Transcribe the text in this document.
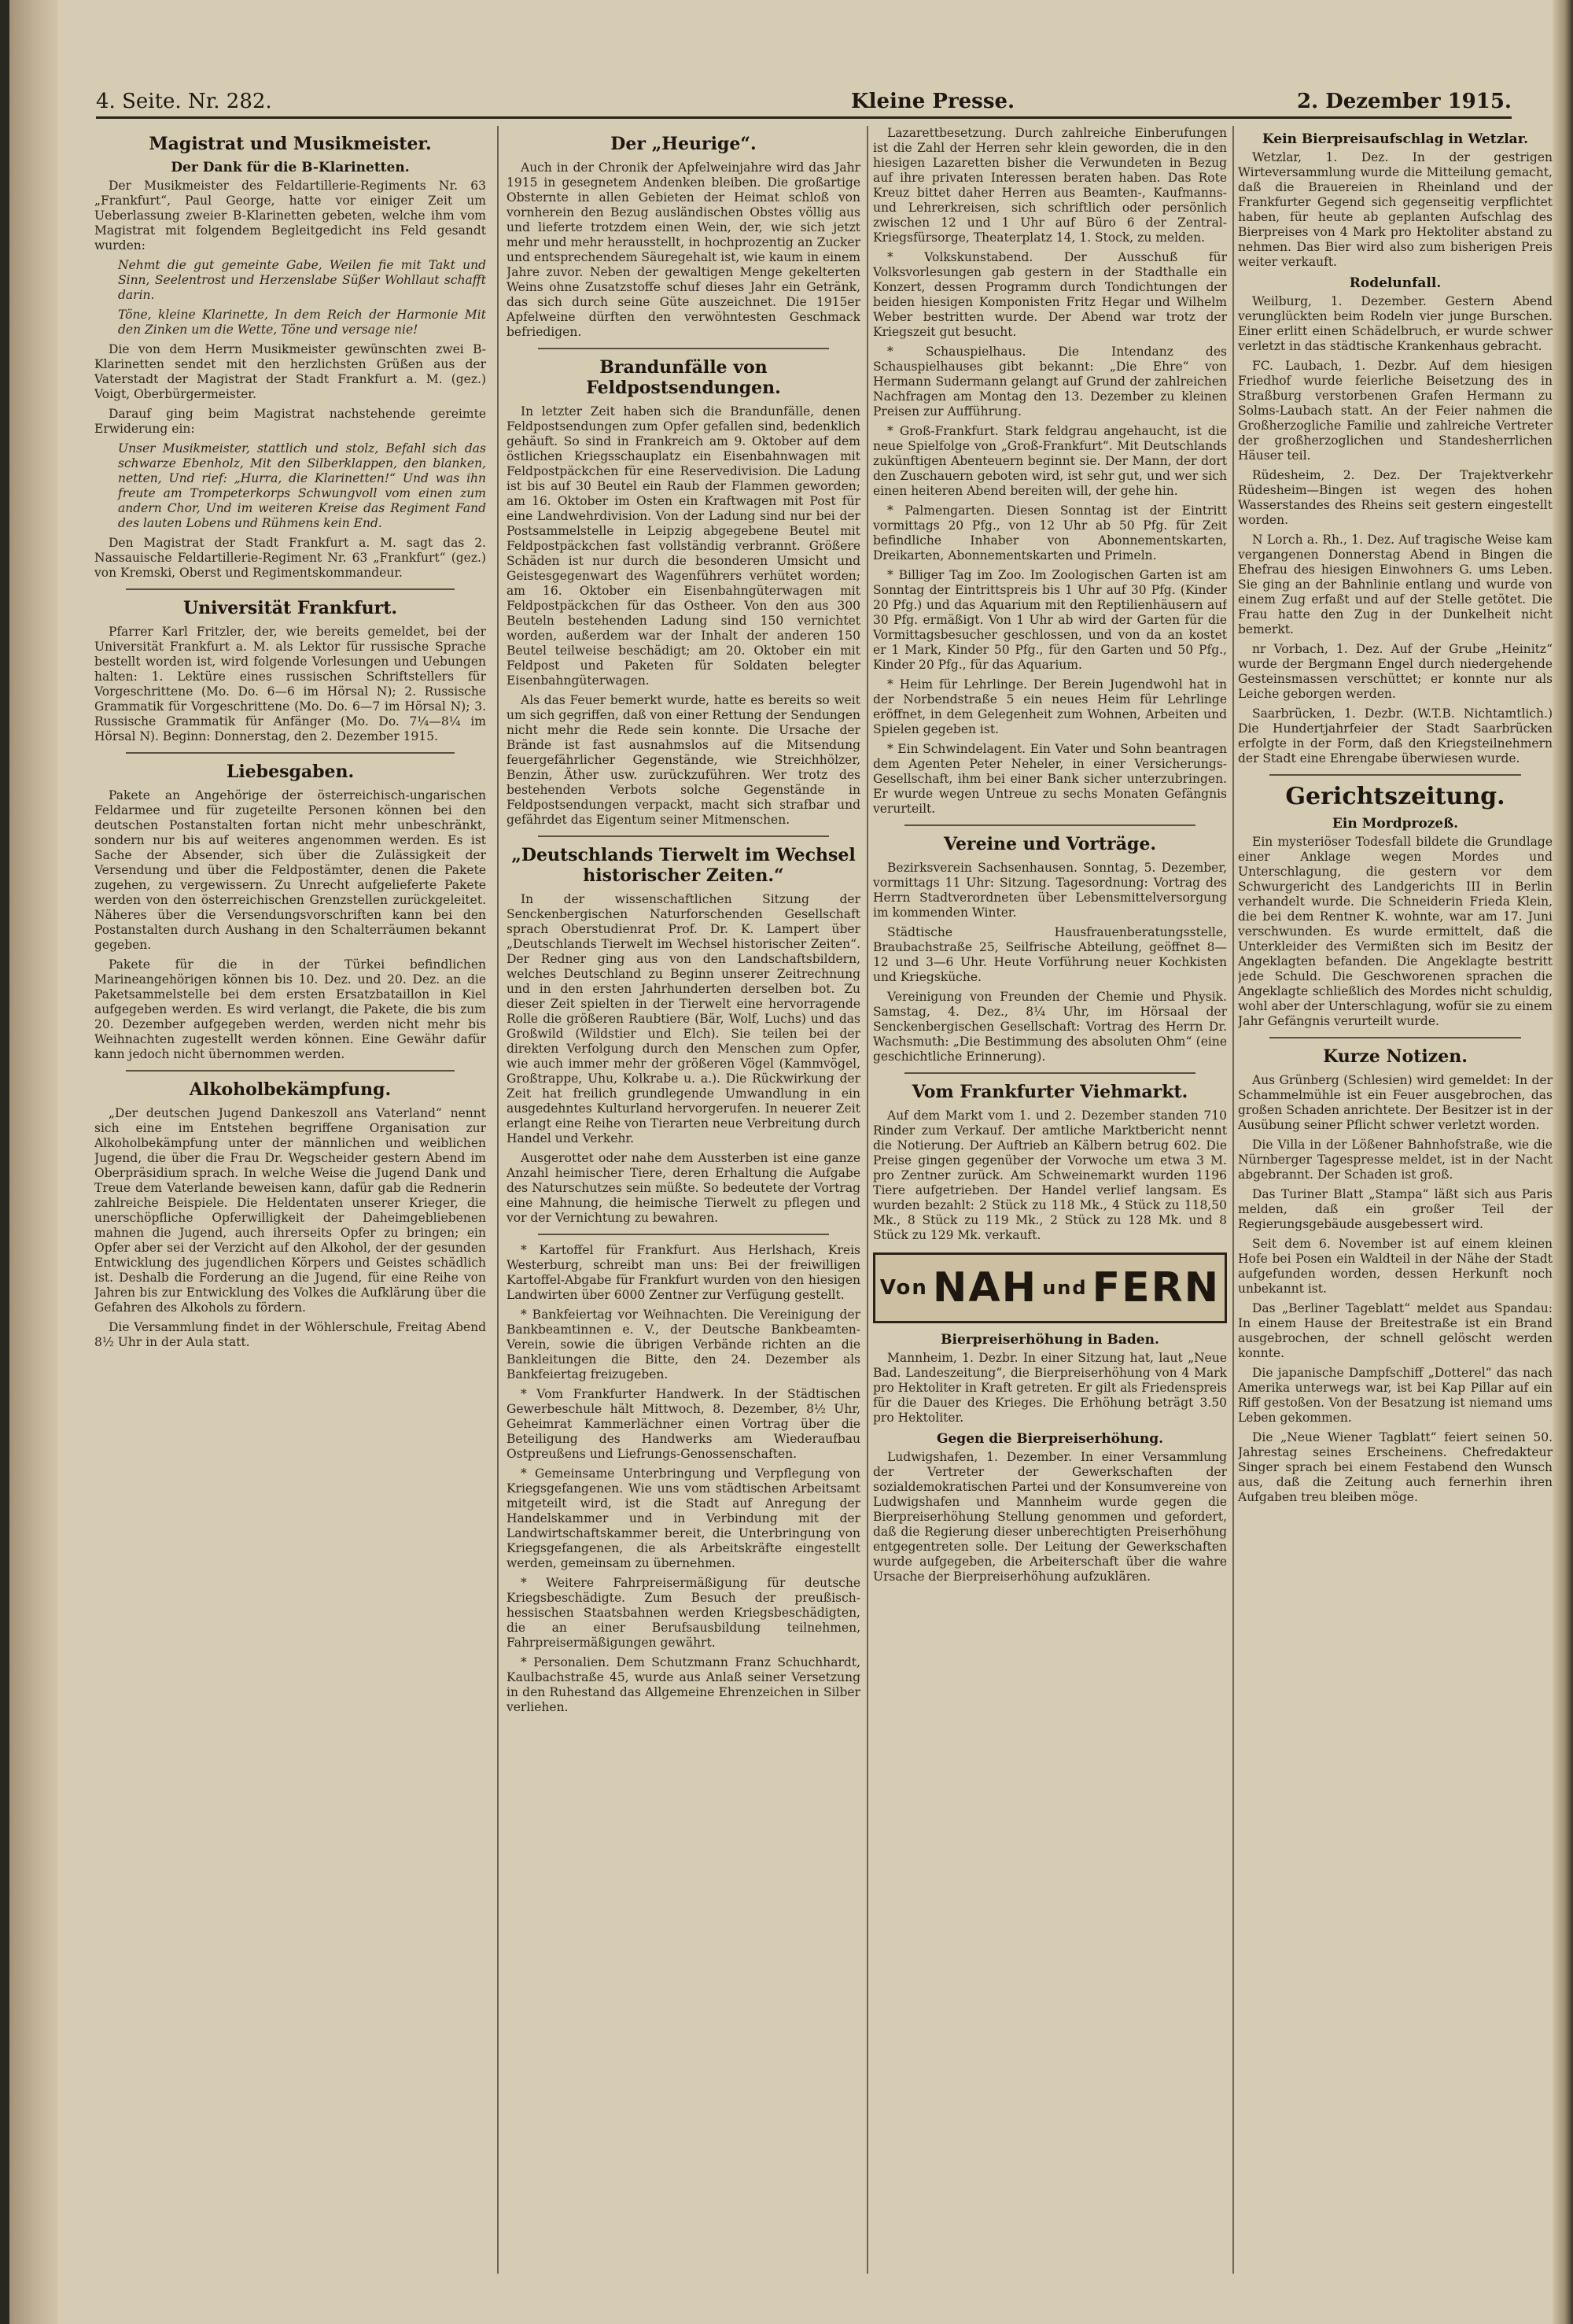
4. Seite. Nr. 282.	Kleine Presse.	2. Dezember 1915.
Magistrat und Musikmeister.
Der Dank für die B-Klarinetten.

Der Musikmeister des Feldartillerie-Regiments Nr. 63 „Frankfurt“, Paul George, hatte vor einiger Zeit um Ueberlassung zweier B-Klarinetten gebeten, welche ihm vom Magistrat mit folgendem Begleitgedicht ins Feld gesandt wurden:

Nehmt die gut gemeinte Gabe, Weilen fie mit Takt und Sinn, Seelentrost und Herzenslabe Süßer Wohllaut schafft darin.

Töne, kleine Klarinette, In dem Reich der Harmonie Mit den Zinken um die Wette, Töne und versage nie!

Die von dem Herrn Musikmeister gewünschten zwei B-Klarinetten sendet mit den herzlichsten Grüßen aus der Vaterstadt der Magistrat der Stadt Frankfurt a. M. (gez.) Voigt, Oberbürgermeister.

Darauf ging beim Magistrat nachstehende gereimte Erwiderung ein:

Unser Musikmeister, stattlich und stolz, Befahl sich das schwarze Ebenholz, Mit den Silberklappen, den blanken, netten, Und rief: „Hurra, die Klarinetten!“ Und was ihn freute am Trompeterkorps Schwungvoll vom einen zum andern Chor, Und im weiteren Kreise das Regiment Fand des lauten Lobens und Rühmens kein End.

Den Magistrat der Stadt Frankfurt a. M. sagt das 2. Nassauische Feldartillerie-Regiment Nr. 63 „Frankfurt“ (gez.) von Kremski, Oberst und Regimentskommandeur.

Universität Frankfurt.

Pfarrer Karl Fritzler, der, wie bereits gemeldet, bei der Universität Frankfurt a. M. als Lektor für russische Sprache bestellt worden ist, wird folgende Vorlesungen und Uebungen halten: 1. Lektüre eines russischen Schriftstellers für Vorgeschrittene (Mo. Do. 6—6 im Hörsal N); 2. Russische Grammatik für Vorgeschrittene (Mo. Do. 6—7 im Hörsal N); 3. Russische Grammatik für Anfänger (Mo. Do. 7¼—8¼ im Hörsal N). Beginn: Donnerstag, den 2. Dezember 1915.

Liebesgaben.

Pakete an Angehörige der österreichisch-ungarischen Feldarmee und für zugeteilte Personen können bei den deutschen Postanstalten fortan nicht mehr unbeschränkt, sondern nur bis auf weiteres angenommen werden. Es ist Sache der Absender, sich über die Zulässigkeit der Versendung und über die Feldpostämter, denen die Pakete zugehen, zu vergewissern. Zu Unrecht aufgelieferte Pakete werden von den österreichischen Grenzstellen zurückgeleitet. Näheres über die Versendungsvorschriften kann bei den Postanstalten durch Aushang in den Schalterräumen bekannt gegeben.

Pakete für die in der Türkei befindlichen Marineangehörigen können bis 10. Dez. und 20. Dez. an die Paketsammelstelle bei dem ersten Ersatzbataillon in Kiel aufgegeben werden. Es wird verlangt, die Pakete, die bis zum 20. Dezember aufgegeben werden, werden nicht mehr bis Weihnachten zugestellt werden können. Eine Gewähr dafür kann jedoch nicht übernommen werden.

Alkoholbekämpfung.

„Der deutschen Jugend Dankeszoll ans Vaterland“ nennt sich eine im Entstehen begriffene Organisation zur Alkoholbekämpfung unter der männlichen und weiblichen Jugend, die über die Frau Dr. Wegscheider gestern Abend im Oberpräsidium sprach. In welche Weise die Jugend Dank und Treue dem Vaterlande beweisen kann, dafür gab die Rednerin zahlreiche Beispiele. Die Heldentaten unserer Krieger, die unerschöpfliche Opferwilligkeit der Daheimgebliebenen mahnen die Jugend, auch ihrerseits Opfer zu bringen; ein Opfer aber sei der Verzicht auf den Alkohol, der der gesunden Entwicklung des jugendlichen Körpers und Geistes schädlich ist. Deshalb die Forderung an die Jugend, für eine Reihe von Jahren bis zur Entwicklung des Volkes die Aufklärung über die Gefahren des Alkohols zu fördern.

Die Versammlung findet in der Wöhlerschule, Freitag Abend 8½ Uhr in der Aula statt.

Der „Heurige“.

Auch in der Chronik der Apfelweinjahre wird das Jahr 1915 in gesegnetem Andenken bleiben. Die großartige Obsternte in allen Gebieten der Heimat schloß von vornherein den Bezug ausländischen Obstes völlig aus und lieferte trotzdem einen Wein, der, wie sich jetzt mehr und mehr herausstellt, in hochprozentig an Zucker und entsprechendem Säuregehalt ist, wie kaum in einem Jahre zuvor. Neben der gewaltigen Menge gekelterten Weins ohne Zusatzstoffe schuf dieses Jahr ein Getränk, das sich durch seine Güte auszeichnet. Die 1915er Apfelweine dürften den verwöhntesten Geschmack befriedigen.

Brandunfälle von Feldpostsendungen.

In letzter Zeit haben sich die Brandunfälle, denen Feldpostsendungen zum Opfer gefallen sind, bedenklich gehäuft. So sind in Frankreich am 9. Oktober auf dem östlichen Kriegsschauplatz ein Eisenbahnwagen mit Feldpostpäckchen für eine Reservedivision. Die Ladung ist bis auf 30 Beutel ein Raub der Flammen geworden; am 16. Oktober im Osten ein Kraftwagen mit Post für eine Landwehrdivision. Von der Ladung sind nur bei der Postsammelstelle in Leipzig abgegebene Beutel mit Feldpostpäckchen fast vollständig verbrannt. Größere Schäden ist nur durch die besonderen Umsicht und Geistesgegenwart des Wagenführers verhütet worden; am 16. Oktober ein Eisenbahngüterwagen mit Feldpostpäckchen für das Ostheer. Von den aus 300 Beuteln bestehenden Ladung sind 150 vernichtet worden, außerdem war der Inhalt der anderen 150 Beutel teilweise beschädigt; am 20. Oktober ein mit Feldpost und Paketen für Soldaten belegter Eisenbahngüterwagen.

Als das Feuer bemerkt wurde, hatte es bereits so weit um sich gegriffen, daß von einer Rettung der Sendungen nicht mehr die Rede sein konnte. Die Ursache der Brände ist fast ausnahmslos auf die Mitsendung feuergefährlicher Gegenstände, wie Streichhölzer, Benzin, Äther usw. zurückzuführen. Wer trotz des bestehenden Verbots solche Gegenstände in Feldpostsendungen verpackt, macht sich strafbar und gefährdet das Eigentum seiner Mitmenschen.

„Deutschlands Tierwelt im Wechsel historischer Zeiten.“

In der wissenschaftlichen Sitzung der Senckenbergischen Naturforschenden Gesellschaft sprach Oberstudienrat Prof. Dr. K. Lampert über „Deutschlands Tierwelt im Wechsel historischer Zeiten“. Der Redner ging aus von den Landschaftsbildern, welches Deutschland zu Beginn unserer Zeitrechnung und in den ersten Jahrhunderten derselben bot. Zu dieser Zeit spielten in der Tierwelt eine hervorragende Rolle die größeren Raubtiere (Bär, Wolf, Luchs) und das Großwild (Wildstier und Elch). Sie teilen bei der direkten Verfolgung durch den Menschen zum Opfer, wie auch immer mehr der größeren Vögel (Kammvögel, Großtrappe, Uhu, Kolkrabe u. a.). Die Rückwirkung der Zeit hat freilich grundlegende Umwandlung in ein ausgedehntes Kulturland hervorgerufen. In neuerer Zeit erlangt eine Reihe von Tierarten neue Verbreitung durch Handel und Verkehr.

Ausgerottet oder nahe dem Aussterben ist eine ganze Anzahl heimischer Tiere, deren Erhaltung die Aufgabe des Naturschutzes sein müßte. So bedeutete der Vortrag eine Mahnung, die heimische Tierwelt zu pflegen und vor der Vernichtung zu bewahren.

* Kartoffel für Frankfurt. Aus Herlshach, Kreis Westerburg, schreibt man uns: Bei der freiwilligen Kartoffel-Abgabe für Frankfurt wurden von den hiesigen Landwirten über 6000 Zentner zur Verfügung gestellt.

* Bankfeiertag vor Weihnachten. Die Vereinigung der Bankbeamtinnen e. V., der Deutsche Bankbeamten-Verein, sowie die übrigen Verbände richten an die Bankleitungen die Bitte, den 24. Dezember als Bankfeiertag freizugeben.

* Vom Frankfurter Handwerk. In der Städtischen Gewerbeschule hält Mittwoch, 8. Dezember, 8½ Uhr, Geheimrat Kammerlächner einen Vortrag über die Beteiligung des Handwerks am Wiederaufbau Ostpreußens und Liefrungs-Genossenschaften.

* Gemeinsame Unterbringung und Verpflegung von Kriegsgefangenen. Wie uns vom städtischen Arbeitsamt mitgeteilt wird, ist die Stadt auf Anregung der Handelskammer und in Verbindung mit der Landwirtschaftskammer bereit, die Unterbringung von Kriegsgefangenen, die als Arbeitskräfte eingestellt werden, gemeinsam zu übernehmen.

* Weitere Fahrpreisermäßigung für deutsche Kriegsbeschädigte. Zum Besuch der preußisch-hessischen Staatsbahnen werden Kriegsbeschädigten, die an einer Berufsausbildung teilnehmen, Fahrpreisermäßigungen gewährt.

* Personalien. Dem Schutzmann Franz Schuchhardt, Kaulbachstraße 45, wurde aus Anlaß seiner Versetzung in den Ruhestand das Allgemeine Ehrenzeichen in Silber verliehen.

Lazarettbesetzung. Durch zahlreiche Einberufungen ist die Zahl der Herren sehr klein geworden, die in den hiesigen Lazaretten bisher die Verwundeten in Bezug auf ihre privaten Interessen beraten haben. Das Rote Kreuz bittet daher Herren aus Beamten-, Kaufmanns- und Lehrerkreisen, sich schriftlich oder persönlich zwischen 12 und 1 Uhr auf Büro 6 der Zentral-Kriegsfürsorge, Theaterplatz 14, 1. Stock, zu melden.

* Volkskunstabend. Der Ausschuß für Volksvorlesungen gab gestern in der Stadthalle ein Konzert, dessen Programm durch Tondichtungen der beiden hiesigen Komponisten Fritz Hegar und Wilhelm Weber bestritten wurde. Der Abend war trotz der Kriegszeit gut besucht.

* Schauspielhaus. Die Intendanz des Schauspielhauses gibt bekannt: „Die Ehre“ von Hermann Sudermann gelangt auf Grund der zahlreichen Nachfragen am Montag den 13. Dezember zu kleinen Preisen zur Aufführung.

* Groß-Frankfurt. Stark feldgrau angehaucht, ist die neue Spielfolge von „Groß-Frankfurt“. Mit Deutschlands zukünftigen Abenteuern beginnt sie. Der Mann, der dort den Zuschauern geboten wird, ist sehr gut, und wer sich einen heiteren Abend bereiten will, der gehe hin.

* Palmengarten. Diesen Sonntag ist der Eintritt vormittags 20 Pfg., von 12 Uhr ab 50 Pfg. für Zeit befindliche Inhaber von Abonnementskarten, Dreikarten, Abonnementskarten und Primeln.

* Billiger Tag im Zoo. Im Zoologischen Garten ist am Sonntag der Eintrittspreis bis 1 Uhr auf 30 Pfg. (Kinder 20 Pfg.) und das Aquarium mit den Reptilienhäusern auf 30 Pfg. ermäßigt. Von 1 Uhr ab wird der Garten für die Vormittagsbesucher geschlossen, und von da an kostet er 1 Mark, Kinder 50 Pfg., für den Garten und 50 Pfg., Kinder 20 Pfg., für das Aquarium.

* Heim für Lehrlinge. Der Berein Jugendwohl hat in der Norbendstraße 5 ein neues Heim für Lehrlinge eröffnet, in dem Gelegenheit zum Wohnen, Arbeiten und Spielen gegeben ist.

* Ein Schwindelagent. Ein Vater und Sohn beantragen dem Agenten Peter Neheler, in einer Versicherungs-Gesellschaft, ihm bei einer Bank sicher unterzubringen. Er wurde wegen Untreue zu sechs Monaten Gefängnis verurteilt.

Vereine und Vorträge.

Bezirksverein Sachsenhausen. Sonntag, 5. Dezember, vormittags 11 Uhr: Sitzung. Tagesordnung: Vortrag des Herrn Stadtverordneten über Lebensmittelversorgung im kommenden Winter.

Städtische Hausfrauenberatungsstelle, Braubachstraße 25, Seilfrische Abteilung, geöffnet 8—12 und 3—6 Uhr. Heute Vorführung neuer Kochkisten und Kriegsküche.

Vereinigung von Freunden der Chemie und Physik. Samstag, 4. Dez., 8¼ Uhr, im Hörsaal der Senckenbergischen Gesellschaft: Vortrag des Herrn Dr. Wachsmuth: „Die Bestimmung des absoluten Ohm“ (eine geschichtliche Erinnerung).

Vom Frankfurter Viehmarkt.

Auf dem Markt vom 1. und 2. Dezember standen 710 Rinder zum Verkauf. Der amtliche Marktbericht nennt die Notierung. Der Auftrieb an Kälbern betrug 602. Die Preise gingen gegenüber der Vorwoche um etwa 3 M. pro Zentner zurück. Am Schweinemarkt wurden 1196 Tiere aufgetrieben. Der Handel verlief langsam. Es wurden bezahlt: 2 Stück zu 118 Mk., 4 Stück zu 118,50 Mk., 8 Stück zu 119 Mk., 2 Stück zu 128 Mk. und 8 Stück zu 129 Mk. verkauft.

Von NAH und FERN
Bierpreiserhöhung in Baden.

Mannheim, 1. Dezbr. In einer Sitzung hat, laut „Neue Bad. Landeszeitung“, die Bierpreiserhöhung von 4 Mark pro Hektoliter in Kraft getreten. Er gilt als Friedenspreis für die Dauer des Krieges. Die Erhöhung beträgt 3.50 pro Hektoliter.

Gegen die Bierpreiserhöhung.

Ludwigshafen, 1. Dezember. In einer Versammlung der Vertreter der Gewerkschaften der sozialdemokratischen Partei und der Konsumvereine von Ludwigshafen und Mannheim wurde gegen die Bierpreiserhöhung Stellung genommen und gefordert, daß die Regierung dieser unberechtigten Preiserhöhung entgegentreten solle. Der Leitung der Gewerkschaften wurde aufgegeben, die Arbeiterschaft über die wahre Ursache der Bierpreiserhöhung aufzuklären.

Kein Bierpreisaufschlag in Wetzlar.

Wetzlar, 1. Dez. In der gestrigen Wirteversammlung wurde die Mitteilung gemacht, daß die Brauereien in Rheinland und der Frankfurter Gegend sich gegenseitig verpflichtet haben, für heute ab geplanten Aufschlag des Bierpreises von 4 Mark pro Hektoliter abstand zu nehmen. Das Bier wird also zum bisherigen Preis weiter verkauft.

Rodelunfall.

Weilburg, 1. Dezember. Gestern Abend verunglückten beim Rodeln vier junge Burschen. Einer erlitt einen Schädelbruch, er wurde schwer verletzt in das städtische Krankenhaus gebracht.

FC. Laubach, 1. Dezbr. Auf dem hiesigen Friedhof wurde feierliche Beisetzung des in Straßburg verstorbenen Grafen Hermann zu Solms-Laubach statt. An der Feier nahmen die Großherzogliche Familie und zahlreiche Vertreter der großherzoglichen und Standesherrlichen Häuser teil.

Rüdesheim, 2. Dez. Der Trajektverkehr Rüdesheim—Bingen ist wegen des hohen Wasserstandes des Rheins seit gestern eingestellt worden.

N Lorch a. Rh., 1. Dez. Auf tragische Weise kam vergangenen Donnerstag Abend in Bingen die Ehefrau des hiesigen Einwohners G. ums Leben. Sie ging an der Bahnlinie entlang und wurde von einem Zug erfaßt und auf der Stelle getötet. Die Frau hatte den Zug in der Dunkelheit nicht bemerkt.

nr Vorbach, 1. Dez. Auf der Grube „Heinitz“ wurde der Bergmann Engel durch niedergehende Gesteinsmassen verschüttet; er konnte nur als Leiche geborgen werden.

Saarbrücken, 1. Dezbr. (W.T.B. Nichtamtlich.) Die Hundertjahrfeier der Stadt Saarbrücken erfolgte in der Form, daß den Kriegsteilnehmern der Stadt eine Ehrengabe überwiesen wurde.

Gerichtszeitung.
Ein Mordprozeß.

Ein mysteriöser Todesfall bildete die Grundlage einer Anklage wegen Mordes und Unterschlagung, die gestern vor dem Schwurgericht des Landgerichts III in Berlin verhandelt wurde. Die Schneiderin Frieda Klein, die bei dem Rentner K. wohnte, war am 17. Juni verschwunden. Es wurde ermittelt, daß die Unterkleider des Vermißten sich im Besitz der Angeklagten befanden. Die Angeklagte bestritt jede Schuld. Die Geschworenen sprachen die Angeklagte schließlich des Mordes nicht schuldig, wohl aber der Unterschlagung, wofür sie zu einem Jahr Gefängnis verurteilt wurde.

Kurze Notizen.

Aus Grünberg (Schlesien) wird gemeldet: In der Schammelmühle ist ein Feuer ausgebrochen, das großen Schaden anrichtete. Der Besitzer ist in der Ausübung seiner Pflicht schwer verletzt worden.

Die Villa in der Lößener Bahnhofstraße, wie die Nürnberger Tagespresse meldet, ist in der Nacht abgebrannt. Der Schaden ist groß.

Das Turiner Blatt „Stampa“ läßt sich aus Paris melden, daß ein großer Teil der Regierungsgebäude ausgebessert wird.

Seit dem 6. November ist auf einem kleinen Hofe bei Posen ein Waldteil in der Nähe der Stadt aufgefunden worden, dessen Herkunft noch unbekannt ist.

Das „Berliner Tageblatt“ meldet aus Spandau: In einem Hause der Breitestraße ist ein Brand ausgebrochen, der schnell gelöscht werden konnte.

Die japanische Dampfschiff „Dotterel“ das nach Amerika unterwegs war, ist bei Kap Pillar auf ein Riff gestoßen. Von der Besatzung ist niemand ums Leben gekommen.

Die „Neue Wiener Tagblatt“ feiert seinen 50. Jahrestag seines Erscheinens. Chefredakteur Singer sprach bei einem Festabend den Wunsch aus, daß die Zeitung auch fernerhin ihren Aufgaben treu bleiben möge.
